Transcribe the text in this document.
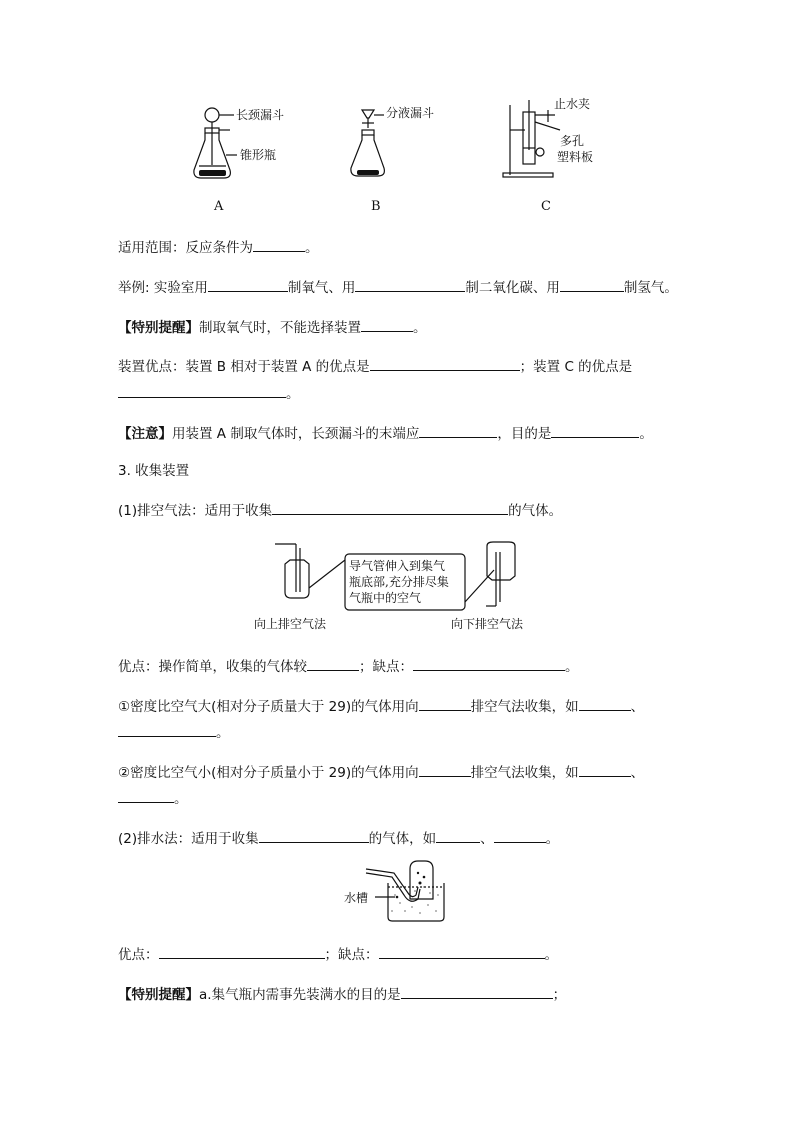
长颈漏斗
锥形瓶
分液漏斗
止水夹
多孔
塑料板
A	B	C
适用范围：反应条件为	。
举例: 实验室用	制氧气、用	制二氧化碳、用	制氢气。
【特别提醒】制取氧气时，不能选择装置	。
装置优点：装置 B 相对于装置 A 的优点是	；装置 C 的优点是
。
【注意】用装置 A 制取气体时，长颈漏斗的末端应	，目的是	。
3. 收集装置
(1)排空气法：适用于收集	的气体。
导气管伸入到集气
瓶底部,充分排尽集
气瓶中的空气
向上排空气法	向下排空气法
优点：操作简单，收集的气体较	；缺点：	。
①密度比空气大(相对分子质量大于 29)的气体用向	排空气法收集，如	、
。
②密度比空气小(相对分子质量小于 29)的气体用向	排空气法收集，如	、
。
(2)排水法：适用于收集	的气体，如	、	。
水槽
优点：	；缺点：	。
【特别提醒】a.集气瓶内需事先装满水的目的是	；
